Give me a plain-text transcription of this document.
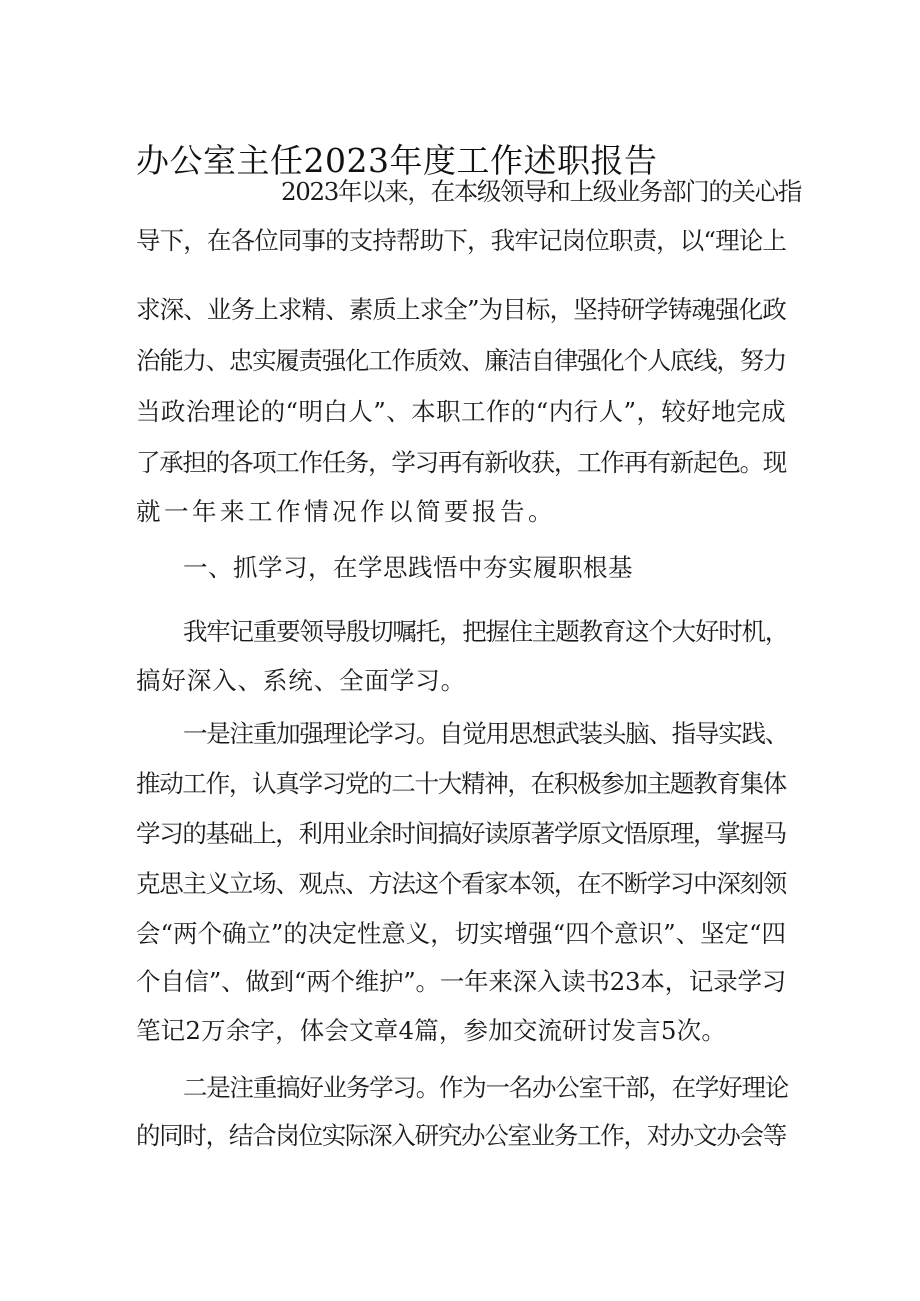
办公室主任2023年度工作述职报告
2023年以来，在本级领导和上级业务部门的关心指
导下，在各位同事的支持帮助下，我牢记岗位职责，以“理论上
求深、业务上求精、素质上求全”为目标，坚持研学铸魂强化政
治能力、忠实履责强化工作质效、廉洁自律强化个人底线，努力
当政治理论的“明白人”、本职工作的“内行人”，较好地完成
了承担的各项工作任务，学习再有新收获，工作再有新起色。现
就一年来工作情况作以简要报告。
一、抓学习，在学思践悟中夯实履职根基
我牢记重要领导殷切嘱托，把握住主题教育这个大好时机，
搞好深入、系统、全面学习。
一是注重加强理论学习。自觉用思想武装头脑、指导实践、
推动工作，认真学习党的二十大精神，在积极参加主题教育集体
学习的基础上，利用业余时间搞好读原著学原文悟原理，掌握马
克思主义立场、观点、方法这个看家本领，在不断学习中深刻领
会“两个确立”的决定性意义，切实增强“四个意识”、坚定“四
个自信”、做到“两个维护”。一年来深入读书23本，记录学习
笔记2万余字，体会文章4篇，参加交流研讨发言5次。
二是注重搞好业务学习。作为一名办公室干部，在学好理论
的同时，结合岗位实际深入研究办公室业务工作，对办文办会等
